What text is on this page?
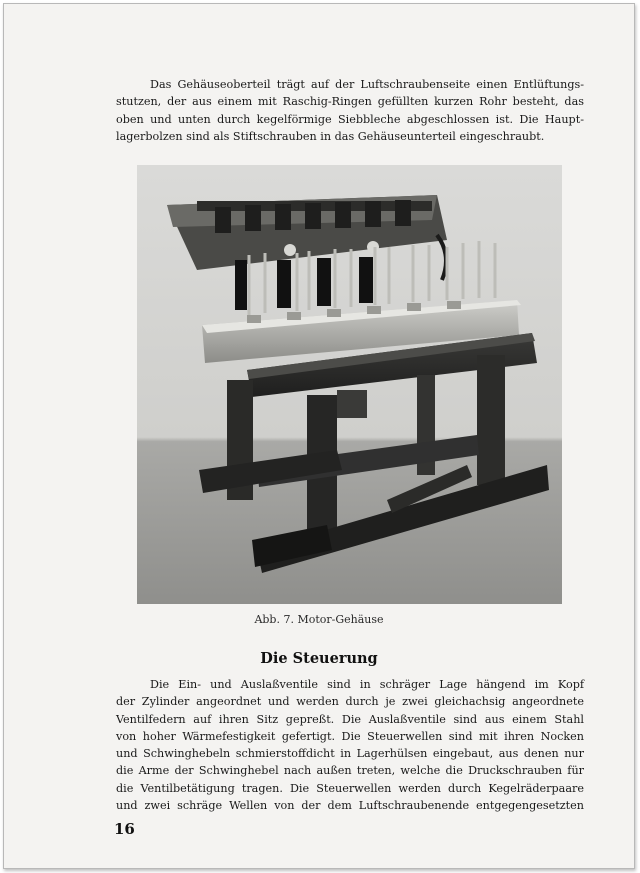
Das Gehäuseoberteil trägt auf der Luftschraubenseite einen Entlüftungs-
stutzen, der aus einem mit Raschig-Ringen gefüllten kurzen Rohr besteht, das
oben und unten durch kegelförmige Siebbleche abgeschlossen ist. Die Haupt-
lagerbolzen sind als Stiftschrauben in das Gehäuseunterteil eingeschraubt.
Abb. 7. Motor-Gehäuse
Die Steuerung
Die Ein- und Auslaßventile sind in schräger Lage hängend im Kopf
der Zylinder angeordnet und werden durch je zwei gleichachsig angeordnete
Ventilfedern auf ihren Sitz gepreßt. Die Auslaßventile sind aus einem Stahl
von hoher Wärmefestigkeit gefertigt. Die Steuerwellen sind mit ihren Nocken
und Schwinghebeln schmierstoffdicht in Lagerhülsen eingebaut, aus denen nur
die Arme der Schwinghebel nach außen treten, welche die Druckschrauben für
die Ventilbetätigung tragen. Die Steuerwellen werden durch Kegelräderpaare
und zwei schräge Wellen von der dem Luftschraubenende entgegengesetzten
16
